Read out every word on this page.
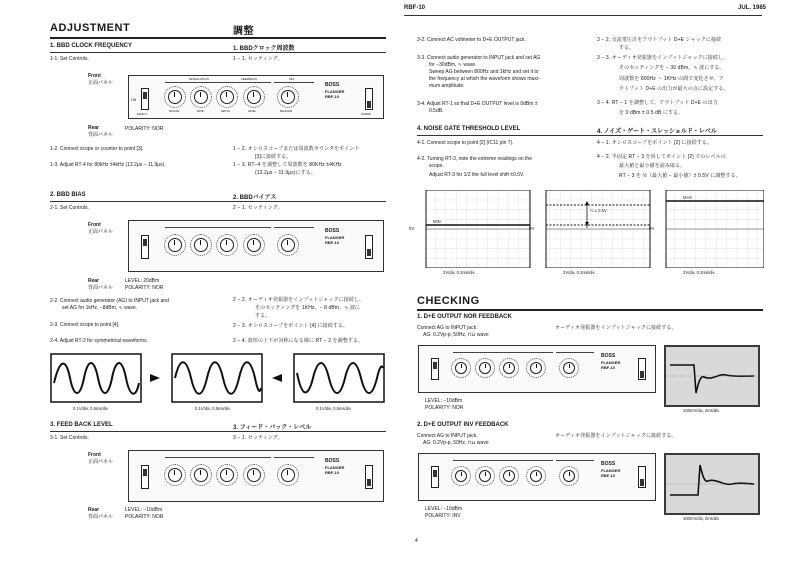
RBF-10	JUL. 1985
ADJUSTMENT	調整
1. BBD CLOCK FREQUENCY	1. BBDクロック周波数
1-1. Set Controls.	1 − 1. セッティング。
Front
正面パネル
MODULATION	FEEDBACK	MIX
ON
EFFECT
MANUAL	RATE	DEPTH	LEVEL	BALANCE
BOSS
FLANGER
RBF-10
POWER
Rear
背面パネル
POLARITY: NOR
1-2. Connect scope or counter to point [3].	1 − 2. オシロスコープまたは周波数カウンタをポイント
[3]に接続する。
1-3. Adjust RT-4 for 80kHz ±4kHz (13.2μs − 11.9μs).	1 − 3. RT−4 を調整して周波数を 80KHz ±4KHz
(13.2μs − 11.9μs)にする。
2. BBD BIAS	2. BBDバイアス
2-1. Set Controls.	2 − 1. セッティング。
Front
正面パネル	BOSS
FLANGER
RBF-10
Rear
背面パネル
LEVEL: 20dBm
POLARITY: NOR
2-2. Connect audio generator (AG) to INPUT jack and
set AG for 1kHz, −8dBm, ∿ wave.
2 − 2. オーディオ発振器をインプットジャックに接続し、
そのセッティングを 1KHz、− 8 dBm、∿ 波に
する。
2-3. Connect scope to point [4].	2 − 3. オシロスコープをポイント [4] に接続する。
2-4. Adjust RT-2 for symmetrical waveforms.	2 − 4. 波形の上下が対称になる様に RT − 2 を調整する。
0.1V/div, 0.5ms/div	0.1V/div, 0.5ms/div	0.1V/div, 0.5ms/div
3. FEED BACK LEVEL	3. フィード・バック・レベル
3-1. Set Controls.	3 − 1. セッティング。
Front
正面パネル	BOSS
FLANGER
RBF-10
Rear
背面パネル
LEVEL: −10dBm
POLARITY: NOR
3-2. Connect AC voltmeter to D+E OUTPUT jack.	3 − 2. 交流電圧計をアウトプット D+E ジャックに接続
する。
3-3. Connect audio generator to INPUT jack and set AG
for −30dBm, ∿ wave.
Sweep AG between 800Hz and 1kHz and set it to
the frequency at which the waveform shows maxi-
mum amplitude.
3 − 3. オーディオ発振器をインプットジャックに接続し、
そのセッティングを − 30 dBm、∿ 波にする。
周波数を 800Hz 〜 1KHz の間で変化させ、ア
ウトプット D+E の出力が最大の点に設定する。
3-4. Adjust RT-1 so that D+E OUTPUT level is 0dBm ±
0.5dB.
3 − 4. RT − 1 を調整して、アウトプット D+E の出力
を 0 dBm ± 0.5 dB にする。
4. NOISE GATE THRESHOLD LEVEL	4. ノイズ・ゲート・スレッショルド・レベル
4-1. Connect scope to point [2] (IC11 pin 7).	4 − 1. オシロスコープをポイント [2] に接続する。
4-2. Turning RT-3, note the extreme readings on the
scope.
Adjust RT-3 for 1/2 the full level shift ±0.5V.
4 − 2. 半固定 RT − 3 を回してポイント [2] でのレベルの
最大値と最小値を読み取る。
RT − 3 を ½（最大値 − 最小値）± 0.5V に調整する。
0V	0V	0V
MIN
½ ± 0.5V
MAX
2V/div, 0.2ms/div	2V/div, 0.2ms/div	2V/div, 0.2ms/div
CHECKING
1. D+E OUTPUT NOR FEEDBACK
Connect AG to INPUT jack.
AG: 0.2Vp-p, 50Hz, ⊓⊔ wave
オーディオ発振器をインプットジャックに接続する。
BOSS
FLANGER
RBF-10
LEVEL: −10dBm
POLARITY: NOR	100mV/div, 2ms/div
2. D+E OUTPUT INV FEEDBACK
Connect AG to INPUT jack.
AG: 0.2Vp-p, 50Hz, ⊓⊔ wave
オーディオ発振器をインプットジャックに接続する。
BOSS
FLANGER
RBF-10
LEVEL: −10dBm
POLARITY: INV	100mV/div, 2ms/div
4
